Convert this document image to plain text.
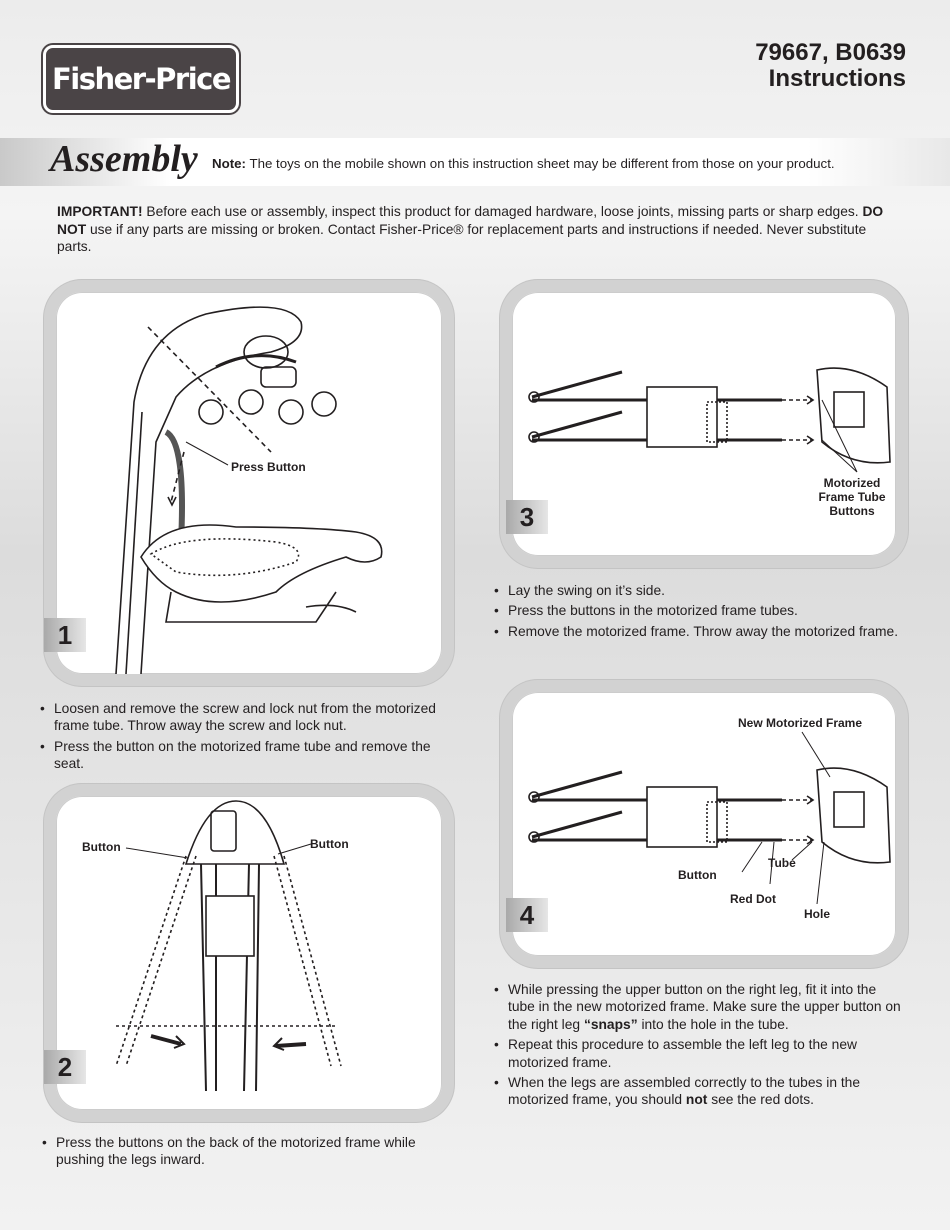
Fisher-Price
79667, B0639
Instructions
Assembly Note: The toys on the mobile shown on this instruction sheet may be different from those on your product.
IMPORTANT! Before each use or assembly, inspect this product for damaged hardware, loose joints, missing parts or sharp edges. DO NOT use if any parts are missing or broken. Contact Fisher-Price® for replacement parts and instructions if needed. Never substitute parts.
Press Button
1
• Loosen and remove the screw and lock nut from the motorized frame tube. Throw away the screw and lock nut.
• Press the button on the motorized frame tube and remove the seat.
Button	Button
2
• Press the buttons on the back of the motorized frame while pushing the legs inward.
Motorized Frame Tube Buttons
3
• Lay the swing on it’s side.
• Press the buttons in the motorized frame tubes.
• Remove the motorized frame. Throw away the motorized frame.
New Motorized Frame
Tube
Button
Red Dot
Hole
4
• While pressing the upper button on the right leg, fit it into the tube in the new motorized frame. Make sure the upper button on the right leg “snaps” into the hole in the tube.
• Repeat this procedure to assemble the left leg to the new motorized frame.
• When the legs are assembled correctly to the tubes in the motorized frame, you should not see the red dots.
